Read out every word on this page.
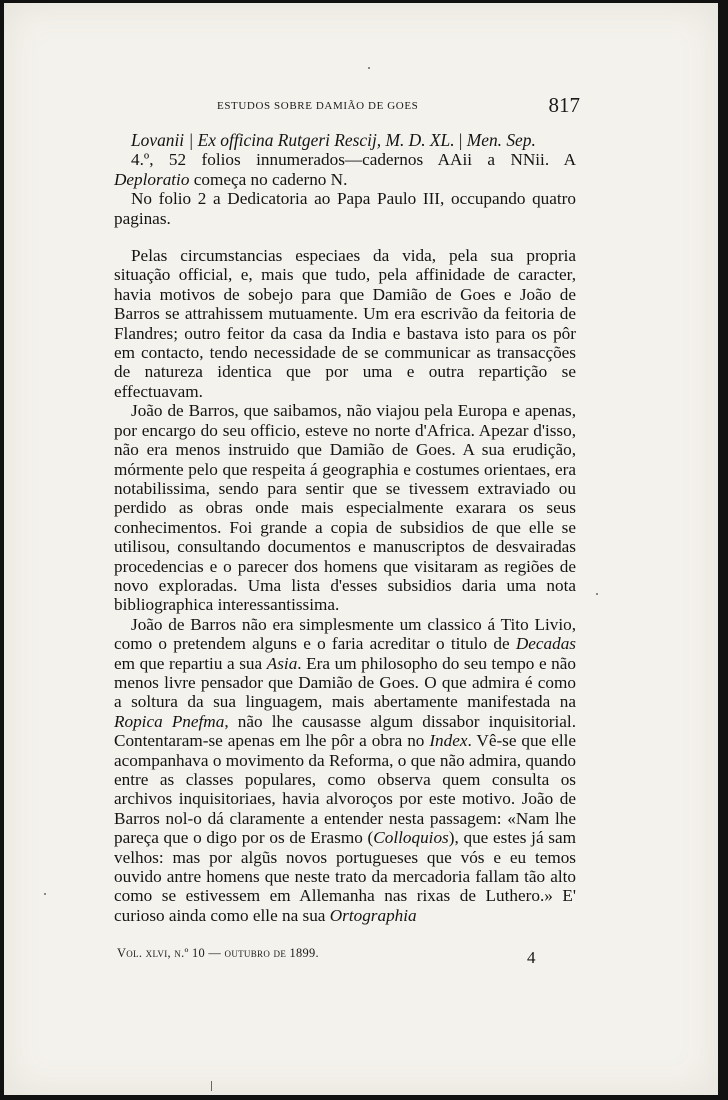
ESTUDOS SOBRE DAMIÃO DE GOES	817

Lovanii | Ex officina Rutgeri Rescij, M. D. XL. | Men. Sep.

4.º, 52 folios innumerados—cadernos AAii a NNii. A Deploratio começa no caderno N.

No folio 2 a Dedicatoria ao Papa Paulo III, occupando quatro paginas.

Pelas circumstancias especiaes da vida, pela sua propria situação official, e, mais que tudo, pela affinidade de caracter, havia motivos de sobejo para que Damião de Goes e João de Barros se attrahissem mutuamente. Um era escrivão da feitoria de Flandres; outro feitor da casa da India e bastava isto para os pôr em contacto, tendo necessidade de se communicar as transacções de natureza identica que por uma e outra repartição se effectuavam.

João de Barros, que saibamos, não viajou pela Europa e apenas, por encargo do seu officio, esteve no norte d'Africa. Apezar d'isso, não era menos instruido que Damião de Goes. A sua erudição, mórmente pelo que respeita á geographia e costumes orientaes, era notabilissima, sendo para sentir que se tivessem extraviado ou perdido as obras onde mais especialmente exarara os seus conhecimentos. Foi grande a copia de subsidios de que elle se utilisou, consultando documentos e manuscriptos de desvairadas procedencias e o parecer dos homens que visitaram as regiões de novo exploradas. Uma lista d'esses subsidios daria uma nota bibliographica interessantissima.

João de Barros não era simplesmente um classico á Tito Livio, como o pretendem alguns e o faria acreditar o titulo de Decadas em que repartiu a sua Asia. Era um philosopho do seu tempo e não menos livre pensador que Damião de Goes. O que admira é como a soltura da sua linguagem, mais abertamente manifestada na Ropica Pnefma, não lhe causasse algum dissabor inquisitorial. Contentaram-se apenas em lhe pôr a obra no Index. Vê-se que elle acompanhava o movimento da Reforma, o que não admira, quando entre as classes populares, como observa quem consulta os archivos inquisitoriaes, havia alvoroços por este motivo. João de Barros nol-o dá claramente a entender nesta passagem: «Nam lhe pareça que o digo por os de Erasmo (Colloquios), que estes já sam velhos: mas por algũs novos portugueses que vós e eu temos ouvido antre homens que neste trato da mercadoria fallam tão alto como se estivessem em Allemanha nas rixas de Luthero.» E' curioso ainda como elle na sua Ortographia

Vol. xlvi, n.º 10 — outubro de 1899.	4
